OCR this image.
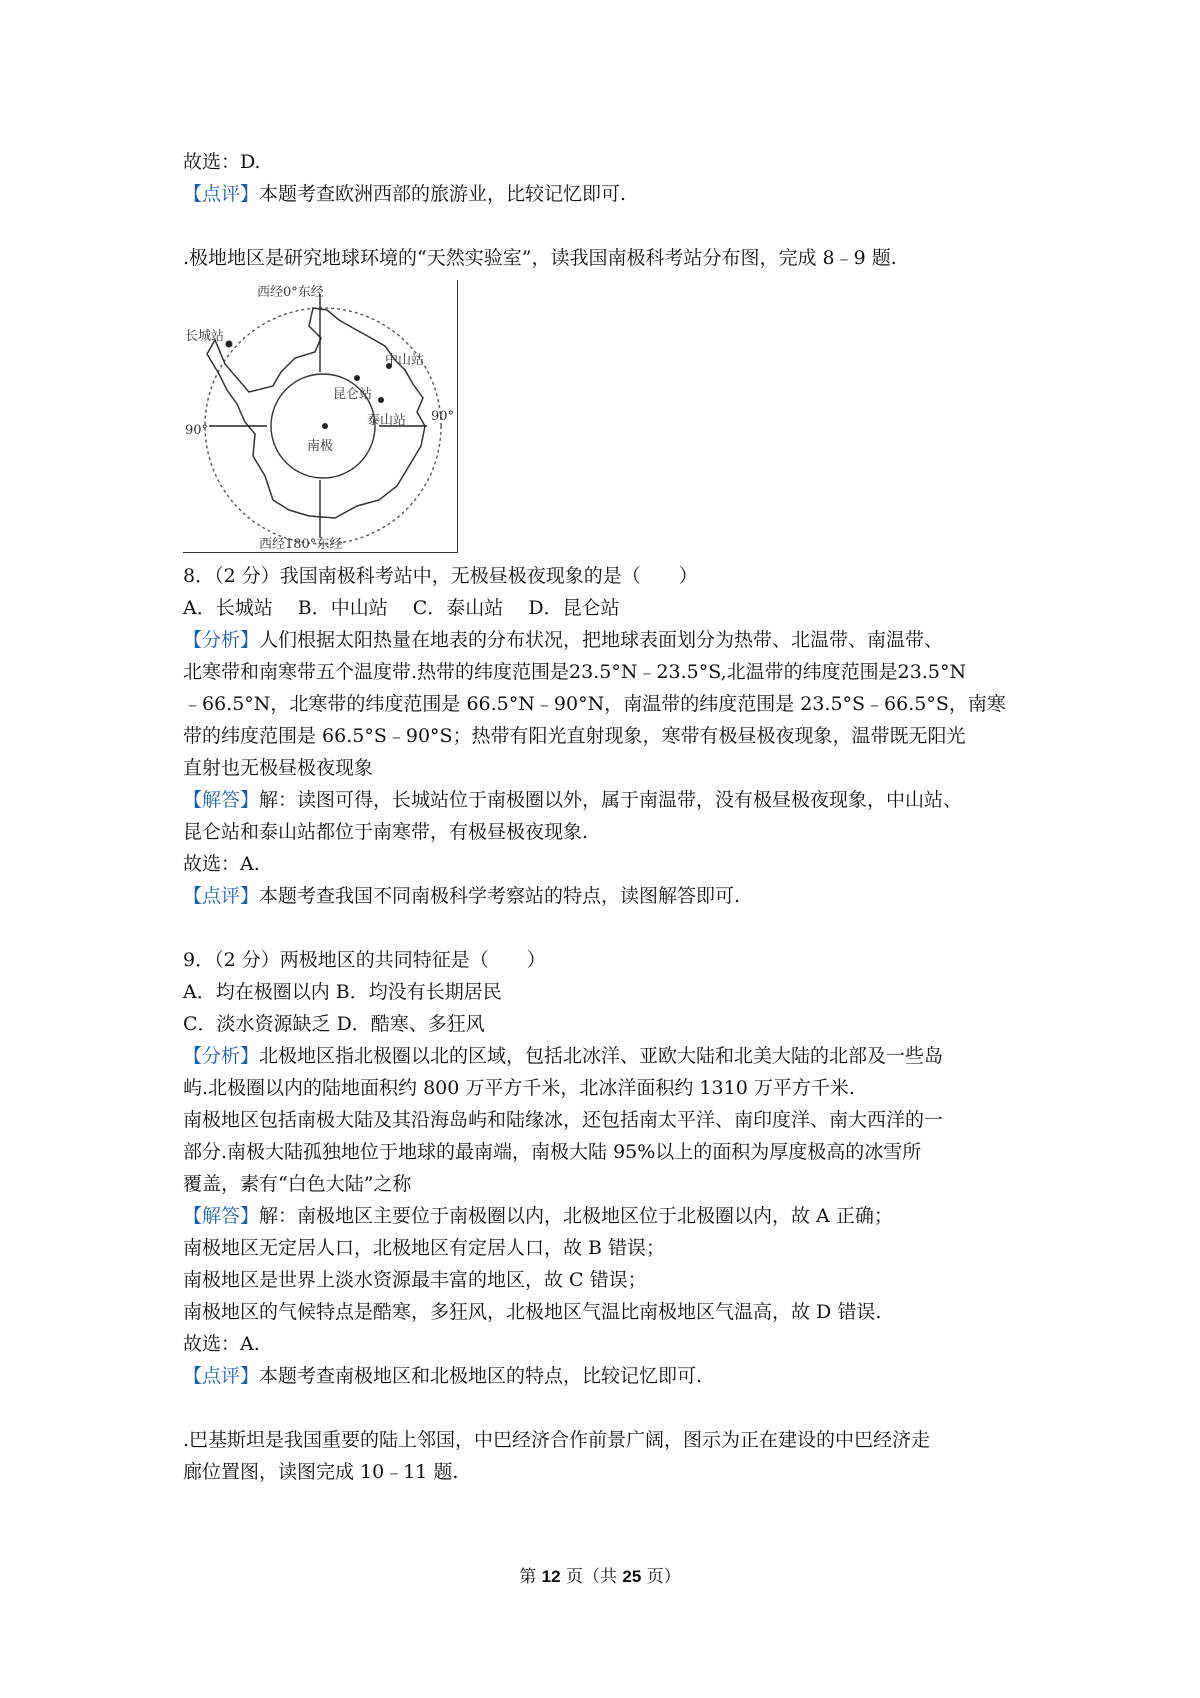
故选：D.
【点评】本题考查欧洲西部的旅游业，比较记忆即可.
.极地地区是研究地球环境的“天然实验室”，读我国南极科考站分布图，完成 8﹣9 题.
8．（2 分）我国南极科考站中，无极昼极夜现象的是（　　）
A．长城站　 B．中山站　 C．泰山站　 D．昆仑站
【分析】人们根据太阳热量在地表的分布状况，把地球表面划分为热带、北温带、南温带、
北寒带和南寒带五个温度带.热带的纬度范围是23.5°N﹣23.5°S,北温带的纬度范围是23.5°N
﹣66.5°N，北寒带的纬度范围是 66.5°N﹣90°N，南温带的纬度范围是 23.5°S﹣66.5°S，南寒
带的纬度范围是 66.5°S﹣90°S；热带有阳光直射现象，寒带有极昼极夜现象，温带既无阳光
直射也无极昼极夜现象
【解答】解：读图可得，长城站位于南极圈以外，属于南温带，没有极昼极夜现象，中山站、
昆仑站和泰山站都位于南寒带，有极昼极夜现象.
故选：A.
【点评】本题考查我国不同南极科学考察站的特点，读图解答即可.
9．（2 分）两极地区的共同特征是（　　）
A．均在极圈以内 B．均没有长期居民
C．淡水资源缺乏 D．酷寒、多狂风
【分析】北极地区指北极圈以北的区域，包括北冰洋、亚欧大陆和北美大陆的北部及一些岛
屿.北极圈以内的陆地面积约 800 万平方千米，北冰洋面积约 1310 万平方千米.
南极地区包括南极大陆及其沿海岛屿和陆缘冰，还包括南太平洋、南印度洋、南大西洋的一
部分.南极大陆孤独地位于地球的最南端，南极大陆 95%以上的面积为厚度极高的冰雪所
覆盖，素有“白色大陆”之称
【解答】解：南极地区主要位于南极圈以内，北极地区位于北极圈以内，故 A 正确；
南极地区无定居人口，北极地区有定居人口，故 B 错误；
南极地区是世界上淡水资源最丰富的地区，故 C 错误；
南极地区的气候特点是酷寒，多狂风，北极地区气温比南极地区气温高，故 D 错误.
故选：A.
【点评】本题考查南极地区和北极地区的特点，比较记忆即可.
.巴基斯坦是我国重要的陆上邻国，中巴经济合作前景广阔，图示为正在建设的中巴经济走
廊位置图，读图完成 10﹣11 题.
西经0°东经
西经180°东经
90°
90°
长城站
中山站
昆仑站
泰山站
南极
第 12 页（共 25 页）
